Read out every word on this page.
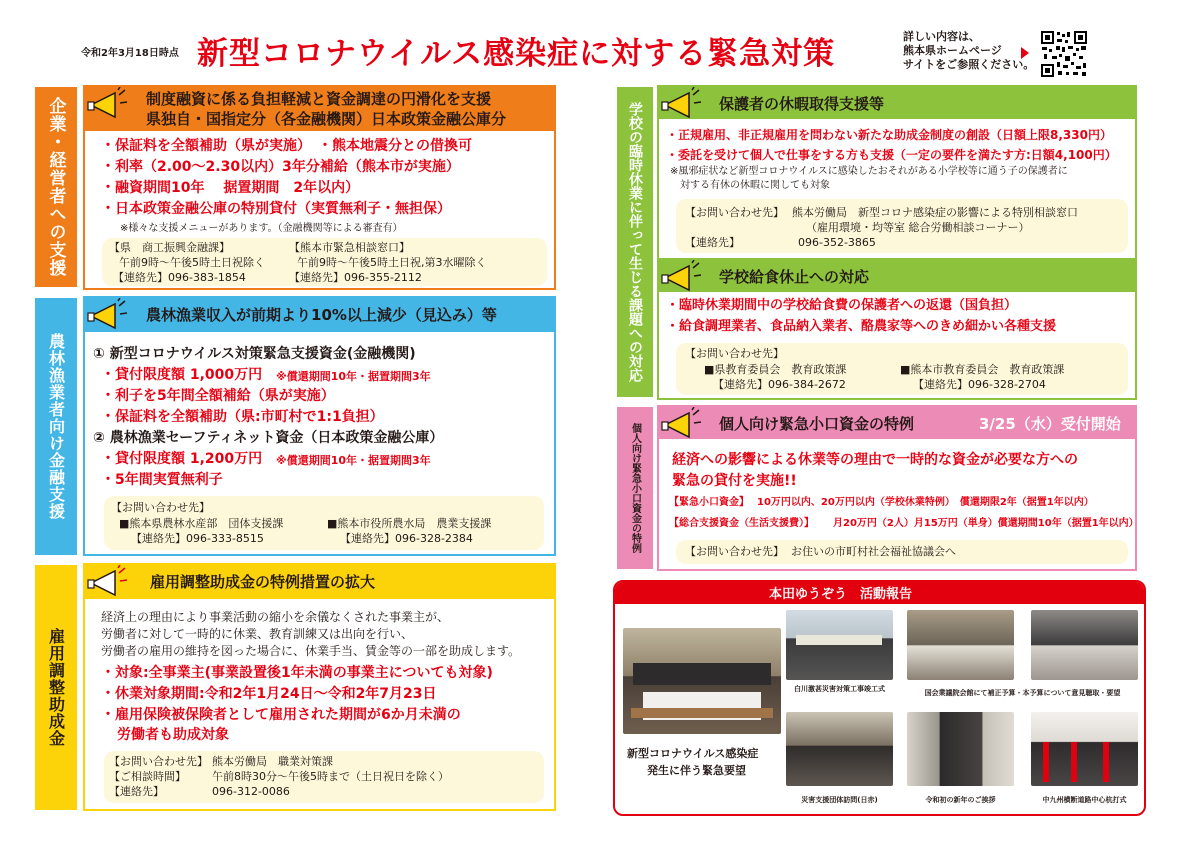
令和2年3月18日時点 新型コロナウイルス感染症に対する緊急対策	詳しい内容は、
熊本県ホームページ
サイトをご参照ください。
企業・経営者への支援	制度融資に係る負担軽減と資金調達の円滑化を支援
県独自・国指定分（各金融機関）日本政策金融公庫分
・保証料を全額補助（県が実施）　・熊本地震分との借換可
・利率（2.00～2.30以内）3年分補給（熊本市が実施）
・融資期間10年　 据置期間　2年以内）
・日本政策金融公庫の特別貸付（実質無利子・無担保）
※様々な支援メニューがあります。（金融機関等による審査有）
【県　商工振興金融課】
午前9時～午後5時土日祝除く
【連絡先】096-383-1854
【熊本市緊急相談窓口】
午前9時～午後5時土日祝,第3水曜除く
【連絡先】096-355-2112
農林漁業者向け金融支援
農林漁業収入が前期より10%以上減少（見込み）等
① 新型コロナウイルス対策緊急支援資金(金融機関)
・貸付限度額 1,000万円 ※償還期間10年・据置期間3年
・利子を5年間全額補給（県が実施）
・保証料を全額補助（県:市町村で1:1負担）
② 農林漁業セーフティネット資金（日本政策金融公庫）
・貸付限度額 1,200万円 ※償還期間10年・据置期間3年
・5年間実質無利子
【お問い合わせ先】
■熊本県農林水産部　団体支援課
【連絡先】096-333-8515
■熊本市役所農水局　農業支援課
【連絡先】096-328-2384
雇用調整助成金
雇用調整助成金の特例措置の拡大
経済上の理由により事業活動の縮小を余儀なくされた事業主が、
労働者に対して一時的に休業、教育訓練又は出向を行い、
労働者の雇用の維持を図った場合に、休業手当、賃金等の一部を助成します。
・対象:全事業主(事業設置後1年未満の事業主についても対象)
・休業対象期間:令和2年1月24日～令和2年7月23日
・雇用保険被保険者として雇用された期間が6か月未満の
労働者も助成対象
【お問い合わせ先】 熊本労働局　職業対策課
【ご相談時間】 午前8時30分～午後5時まで（土日祝日を除く）
【連絡先】	096-312-0086
学校の臨時休業に伴って生じる課題への対応	保護者の休暇取得支援等
・正規雇用、非正規雇用を問わない新たな助成金制度の創設（日額上限8,330円）
・委託を受けて個人で仕事をする方も支援（一定の要件を満たす方:日額4,100円）
※風邪症状など新型コロナウイルスに感染したおそれがある小学校等に通う子の保護者に
対する有休の休暇に関しても対象
【お問い合わせ先】 熊本労働局　新型コロナ感染症の影響による特別相談窓口
（雇用環境・均等室 総合労働相談コーナー）
【連絡先】	096-352-3865
学校給食休止への対応
・臨時休業期間中の学校給食費の保護者への返還（国負担）
・給食調理業者、食品納入業者、酪農家等へのきめ細かい各種支援
【お問い合わせ先】
■県教育委員会　教育政策課
【連絡先】096-384-2672
■熊本市教育委員会　教育政策課
【連絡先】096-328-2704
個人向け緊急小口資金の特例	個人向け緊急小口資金の特例	3/25（水）受付開始
経済への影響による休業等の理由で一時的な資金が必要な方への
緊急の貸付を実施!!
【緊急小口資金】 10万円以内、20万円以内（学校休業特例）　償還期限2年（据置1年以内）
【総合支援資金（生活支援費）】 月20万円（2人）月15万円（単身）償還期間10年（据置1年以内）
【お問い合わせ先】 お住いの市町村社会福祉協議会へ
本田ゆうぞう　活動報告
新型コロナウイルス感染症
発生に伴う緊急要望
白川激甚災害対策工事竣工式	国会業議院会館にて補正予算・本予算について意見聴取・要望
災害支援団体訪問(日赤)	令和初の新年のご挨拶	中九州横断道路中心杭打式
